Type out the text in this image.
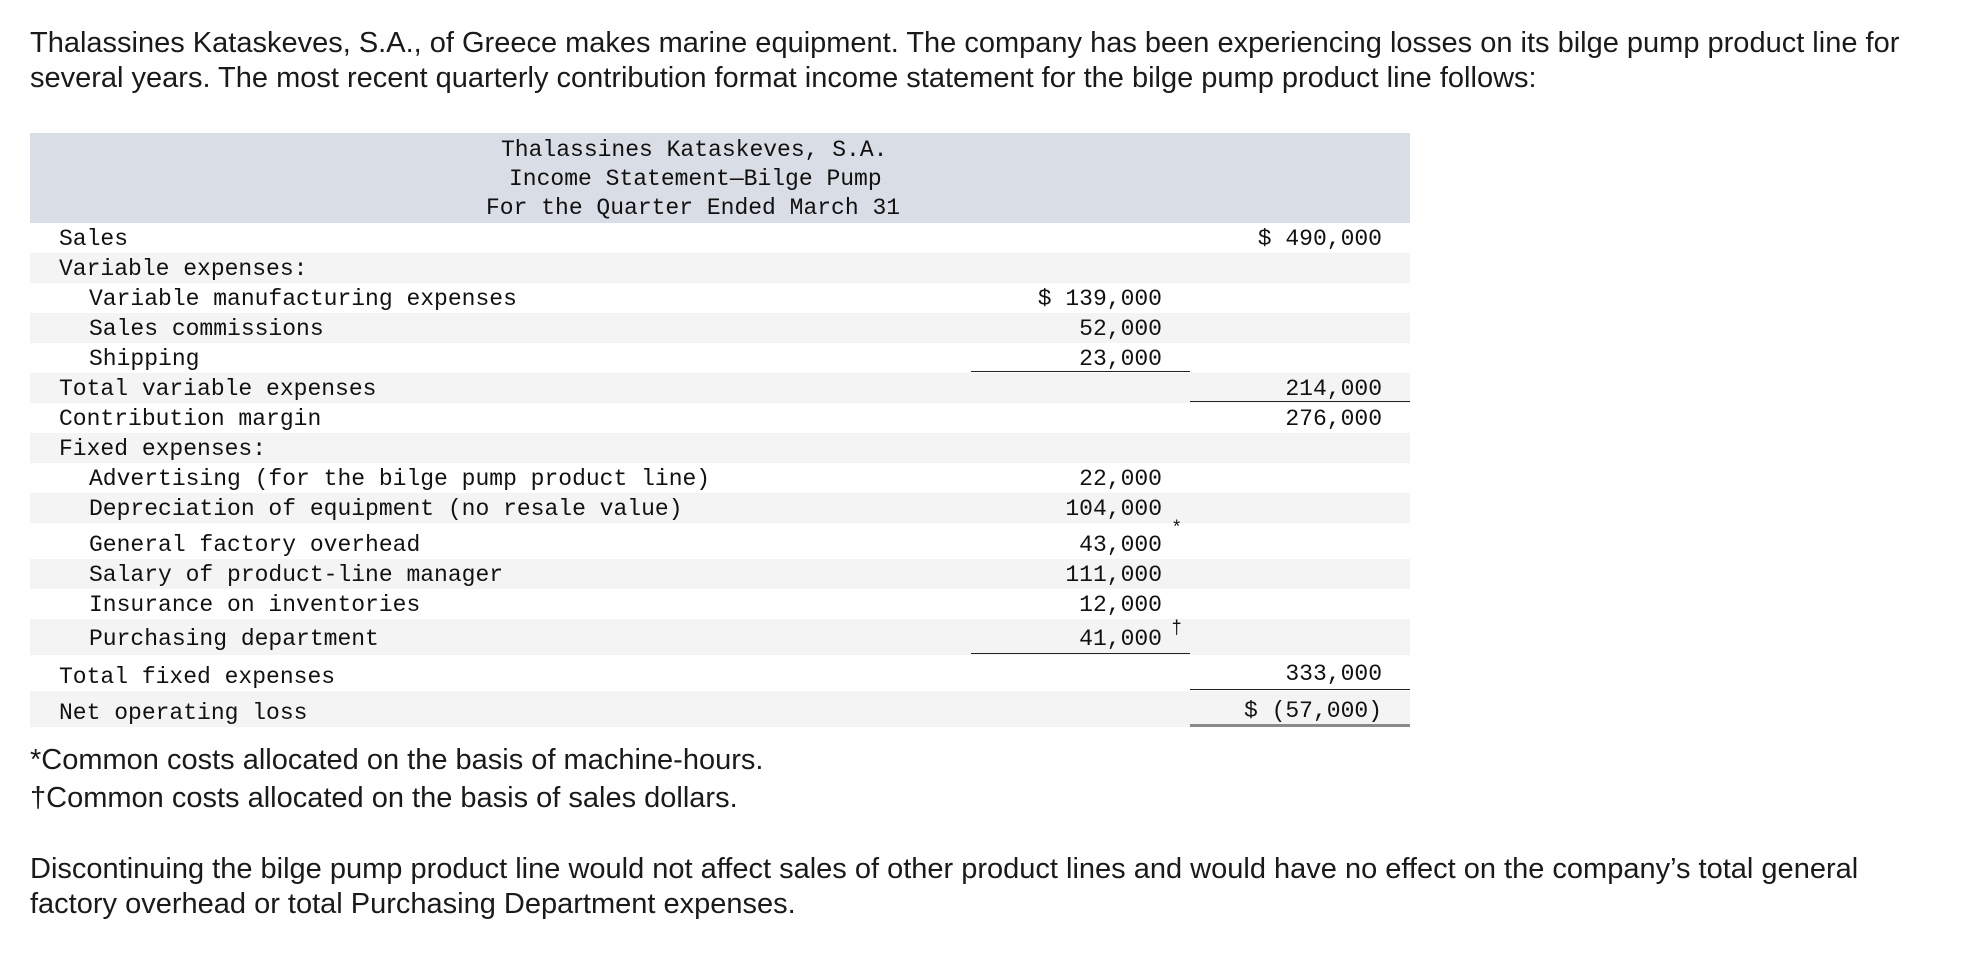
Thalassines Kataskeves, S.A., of Greece makes marine equipment. The company has been experiencing losses on its bilge pump product line for several years. The most recent quarterly contribution format income statement for the bilge pump product line follows:

Thalassines Kataskeves, S.A.
Income Statement—Bilge Pump
For the Quarter Ended March 31
Sales	$ 490,000
Variable expenses:
Variable manufacturing expenses	$ 139,000
Sales commissions	52,000
Shipping	23,000
Total variable expenses	214,000
Contribution margin	276,000
Fixed expenses:
Advertising (for the bilge pump product line)	22,000
Depreciation of equipment (no resale value)	104,000
General factory overhead	43,000
*
Salary of product-line manager	111,000
Insurance on inventories	12,000
Purchasing department	41,000 †
Total fixed expenses	333,000
Net operating loss	$ (57,000)

*Common costs allocated on the basis of machine-hours.

†Common costs allocated on the basis of sales dollars.

Discontinuing the bilge pump product line would not affect sales of other product lines and would have no effect on the company’s total general factory overhead or total Purchasing Department expenses.
